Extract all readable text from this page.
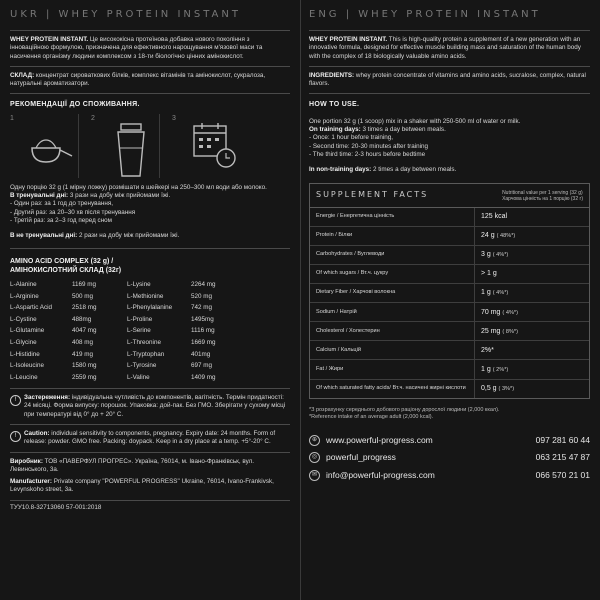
UKR | WHEY PROTEIN INSTANT

WHEY PROTEIN INSTANT. Це висококісна протеїнова добавка нового покоління з інноваційною формулою, призначена для ефективного нарощування м'язової маси та насичення організму людини комплексом з 18-ти біологічно цінних амінокислот.

СКЛАД: концентрат сироваткових білків, комплекс вітамінів та амінокислот, сукралоза, натуральні ароматизатори.

РЕКОМЕНДАЦІЇ ДО СПОЖИВАННЯ.
1	2	3

Одну порцію 32 g (1 мірну ложку) розмішати в шейкері на 250–300 мл води або молоко.

В тренувальні дні: 3 рази на добу між прийомами їжі.

- Один раз: за 1 год до тренування,
- Другий раз: за 20–30 хв після тренування
- Третій раз: за 2–3 год перед сном

В не тренувальні дні: 2 рази на добу між прийомами їжі.

AMINO ACID COMPLEX (32 g) /
АМІНОКИСЛОТНИЙ СКЛАД (32г)
L-Alanine	1169 mg	L-Lysine	2264 mg
L-Arginine	500 mg	L-Methionine	520 mg
L-Aspartic Acid	2518 mg	L-Phenylalanine	742 mg
L-Cystine	488mg	L-Proline	1495mg
L-Glutamine	4047 mg	L-Serine	1116 mg
L-Glycine	408 mg	L-Threonine	1669 mg
L-Histidine	419 mg	L-Tryptophan	401mg
L-Isoleucine	1580 mg	L-Tyrosine	697 mg
L-Leucine	2559 mg	L-Valine	1409 mg
!	Застереження: індивідуальна чутливість до компонентів, вагітність. Термін придатності: 24 місяці. Форма випуску: порошок. Упаковка: дой-пак. Без ГМО. Зберігати у сухому місці при температурі від 0° до + 20° С.

!	Caution: individual sensitivity to components, pregnancy. Expiry date: 24 months. Form of release: powder. GMO free. Packing: doypack. Keep in a dry place at a temp. +5°-20° C.

Виробник: ТОВ «ПАВЕРФУЛ ПРОГРЕС». Україна, 76014, м. Івано-Франківськ, вул. Левинського, 3а.

Manufacturer: Private company "POWERFUL PROGRESS" Ukraine, 76014, Ivano-Frankivsk, Levynskoho street, 3a.

ТУУ10.8-32713060 57-001:2018

ENG | WHEY PROTEIN INSTANT

WHEY PROTEIN INSTANT. This is high-quality protein a supplement of a new generation with an innovative formula, designed for effective muscle building mass and saturation of the human body with the complex of 18 biologically valuable amino acids.

INGREDIENTS: whey protein concentrate of vitamins and amino acids, sucralose, complex, natural flavors.

HOW TO USE.

One portion 32 g (1 scoop) mix in a shaker with 250-500 ml of water or milk.

On training days: 3 times a day between meals.

- Once: 1 hour before training,
- Second time: 20-30 minutes after training
- The third time: 2-3 hours before bedtime

In non-training days: 2 times a day between meals.

SUPPLEMENT FACTS	Nutritional value per 1 serving (32 g)
Харчова цінність на 1 порцію (32 г)
Energie / Енергетична цінність	125 kcal
Protein / Білки	24 g ( 48%*)
Carbohydrates / Вуглеводи	3 g ( 4%*)
Of which sugars / Вт.ч. цукру	> 1 g
Dietary Fiber / Харчові волокна	1 g ( 4%*)
Sodium / Натрій	70 mg ( 4%*)
Cholesterol / Холестерин	25 mg ( 8%*)
Calcium / Кальцій	2%*
Fat / Жири	1 g ( 2%*)
Of which saturated fatty acids/ Вт.ч. насичені жирні кислоти	0,5 g ( 3%*)
*З розрахунку середнього добового раціону дорослої людини (2,000 ккал).
*Reference intake of an average adult (2,000 kcal).
⊕	www.powerful-progress.com	097 281 60 44
◎	powerful_progress	063 215 47 87
✉	info@powerful-progress.com	066 570 21 01
